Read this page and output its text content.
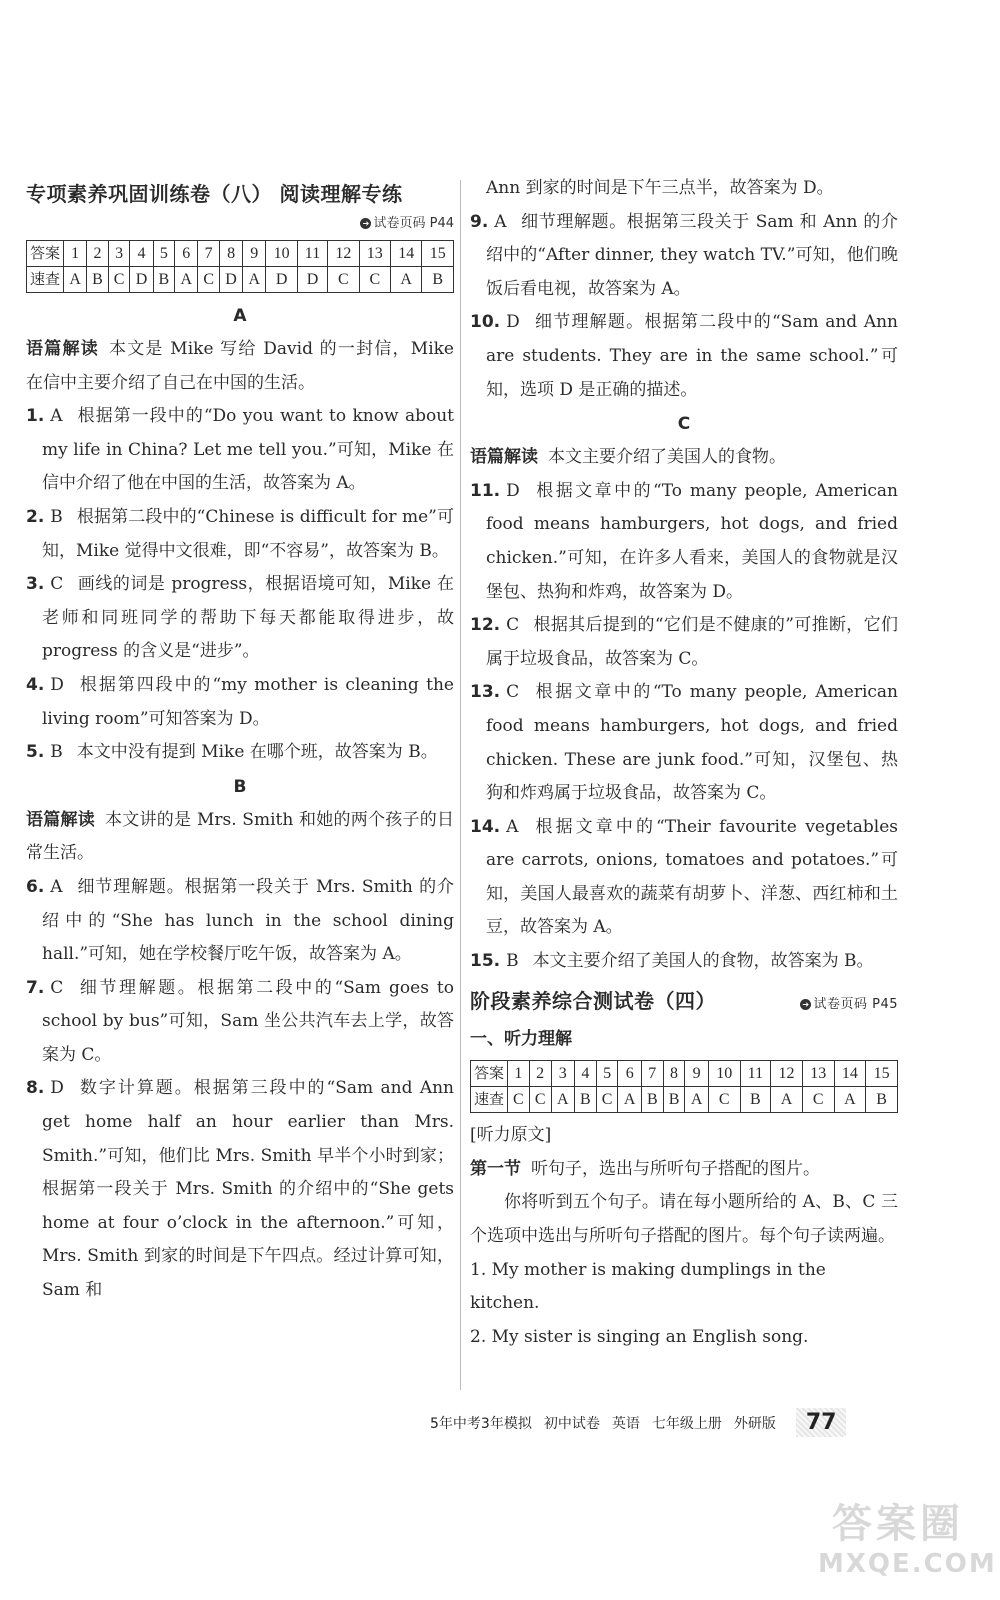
专项素养巩固训练卷（八） 阅读理解专练
➔ 试卷页码 P44
答案	1	2	3	4	5	6	7	8	9	10	11	12	13	14	15
速查	A	B	C	D	B	A	C	D	A	D	D	C	C	A	B
A
语篇解读 本文是 Mike 写给 David 的一封信，Mike 在信中主要介绍了自己在中国的生活。
1. A 根据第一段中的“Do you want to know about my life in China? Let me tell you.”可知，Mike 在信中介绍了他在中国的生活，故答案为 A。
2. B 根据第二段中的“Chinese is difficult for me”可知，Mike 觉得中文很难，即“不容易”，故答案为 B。
3. C 画线的词是 progress，根据语境可知，Mike 在老师和同班同学的帮助下每天都能取得进步，故 progress 的含义是“进步”。
4. D 根据第四段中的“my mother is cleaning the living room”可知答案为 D。
5. B 本文中没有提到 Mike 在哪个班，故答案为 B。
B
语篇解读 本文讲的是 Mrs. Smith 和她的两个孩子的日常生活。
6. A 细节理解题。根据第一段关于 Mrs. Smith 的介绍中的“She has lunch in the school dining hall.”可知，她在学校餐厅吃午饭，故答案为 A。
7. C 细节理解题。根据第二段中的“Sam goes to school by bus”可知，Sam 坐公共汽车去上学，故答案为 C。
8. D 数字计算题。根据第三段中的“Sam and Ann get home half an hour earlier than Mrs. Smith.”可知，他们比 Mrs. Smith 早半个小时到家；根据第一段关于 Mrs. Smith 的介绍中的“She gets home at four o’clock in the afternoon.”可知，Mrs. Smith 到家的时间是下午四点。经过计算可知，Sam 和
Ann 到家的时间是下午三点半，故答案为 D。
9. A 细节理解题。根据第三段关于 Sam 和 Ann 的介绍中的“After dinner, they watch TV.”可知，他们晚饭后看电视，故答案为 A。
10. D 细节理解题。根据第二段中的“Sam and Ann are students. They are in the same school.”可知，选项 D 是正确的描述。
C
语篇解读 本文主要介绍了美国人的食物。
11. D 根据文章中的“To many people, American food means hamburgers, hot dogs, and fried chicken.”可知，在许多人看来，美国人的食物就是汉堡包、热狗和炸鸡，故答案为 D。
12. C 根据其后提到的“它们是不健康的”可推断，它们属于垃圾食品，故答案为 C。
13. C 根据文章中的“To many people, American food means hamburgers, hot dogs, and fried chicken. These are junk food.”可知，汉堡包、热狗和炸鸡属于垃圾食品，故答案为 C。
14. A 根据文章中的“Their favourite vegetables are carrots, onions, tomatoes and potatoes.”可知，美国人最喜欢的蔬菜有胡萝卜、洋葱、西红柿和土豆，故答案为 A。
15. B 本文主要介绍了美国人的食物，故答案为 B。
阶段素养综合测试卷（四）	➔ 试卷页码 P45
一、听力理解
答案	1	2	3	4	5	6	7	8	9	10	11	12	13	14	15
速查	C	C	A	B	C	A	B	B	A	C	B	A	C	A	B
[听力原文]
第一节 听句子，选出与所听句子搭配的图片。
你将听到五个句子。请在每小题所给的 A、B、C 三个选项中选出与所听句子搭配的图片。每个句子读两遍。
1. My mother is making dumplings in the kitchen.
2. My sister is singing an English song.
5年中考3年模拟 初中试卷 英语 七年级上册 外研版	77
答案圈
MXQE.COM
